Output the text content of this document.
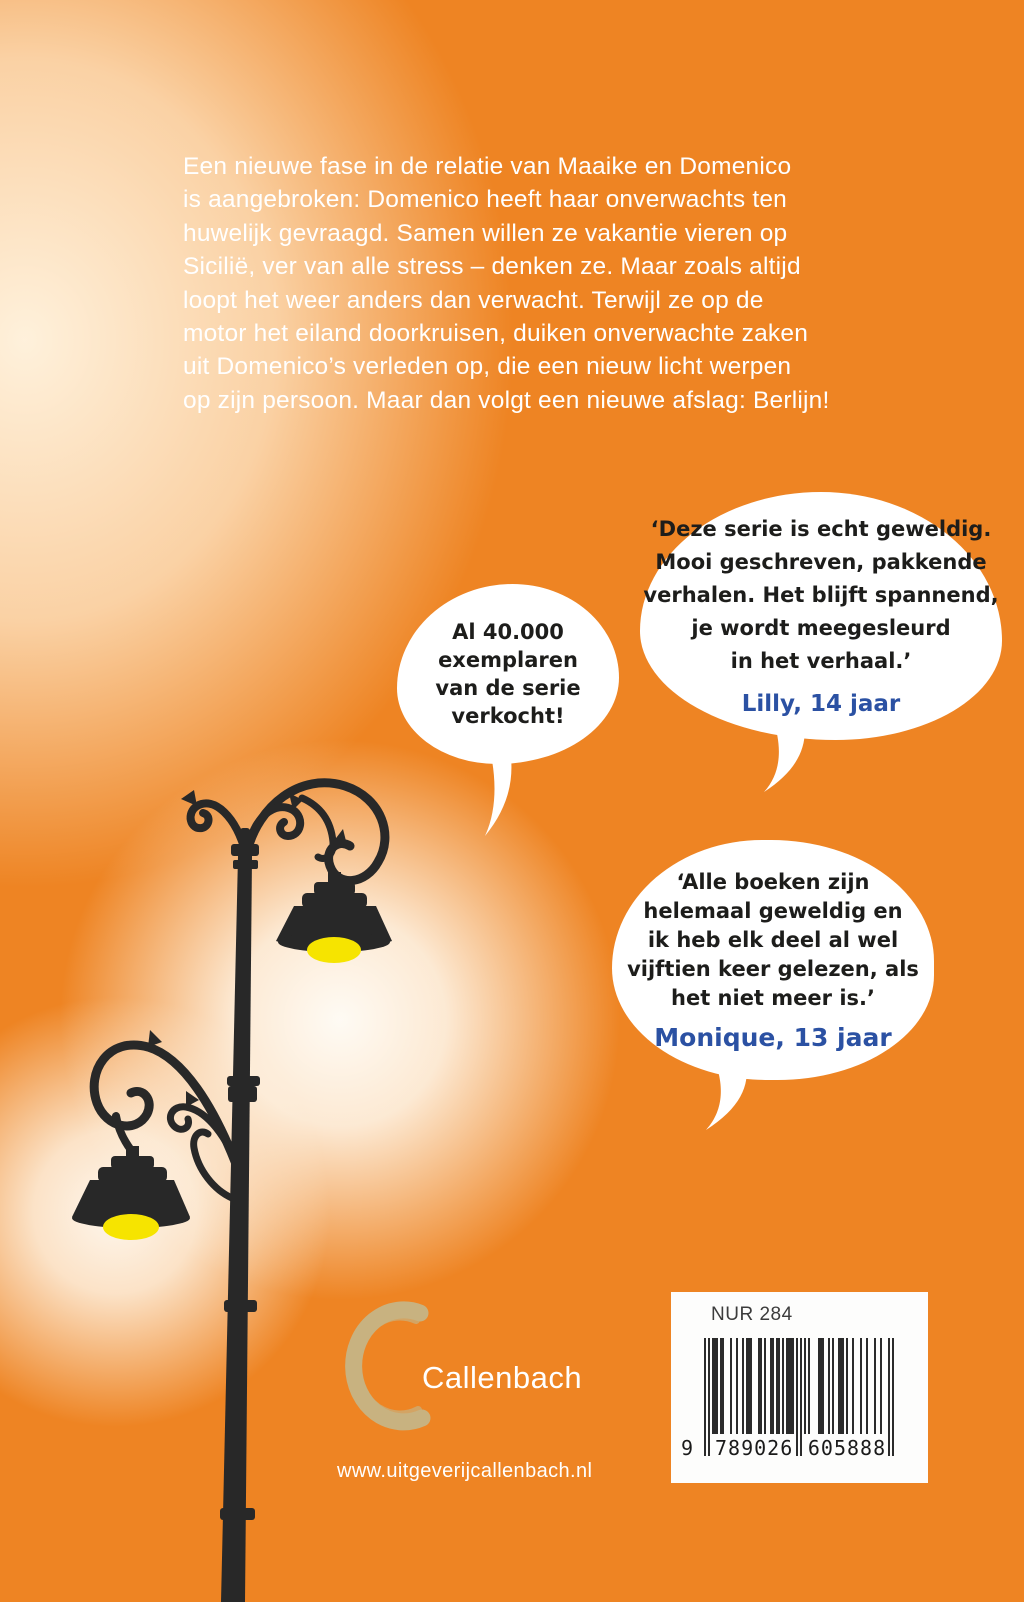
Een nieuwe fase in de relatie van Maaike en Domenico
is aangebroken: Domenico heeft haar onverwachts ten
huwelijk gevraagd. Samen willen ze vakantie vieren op
Sicilië, ver van alle stress – denken ze. Maar zoals altijd
loopt het weer anders dan verwacht. Terwijl ze op de
motor het eiland doorkruisen, duiken onverwachte zaken
uit Domenico’s verleden op, die een nieuw licht werpen
op zijn persoon. Maar dan volgt een nieuwe afslag: Berlijn!
Al 40.000
exemplaren
van de serie
verkocht!
‘Deze serie is echt geweldig.
Mooi geschreven, pakkende
verhalen. Het blijft spannend,
je wordt meegesleurd
in het verhaal.’
Lilly, 14 jaar
‘Alle boeken zijn
helemaal geweldig en
ik heb elk deel al wel
vijftien keer gelezen, als
het niet meer is.’
Monique, 13 jaar
Callenbach
www.uitgeverijcallenbach.nl
NUR 284
9 789026 605888
